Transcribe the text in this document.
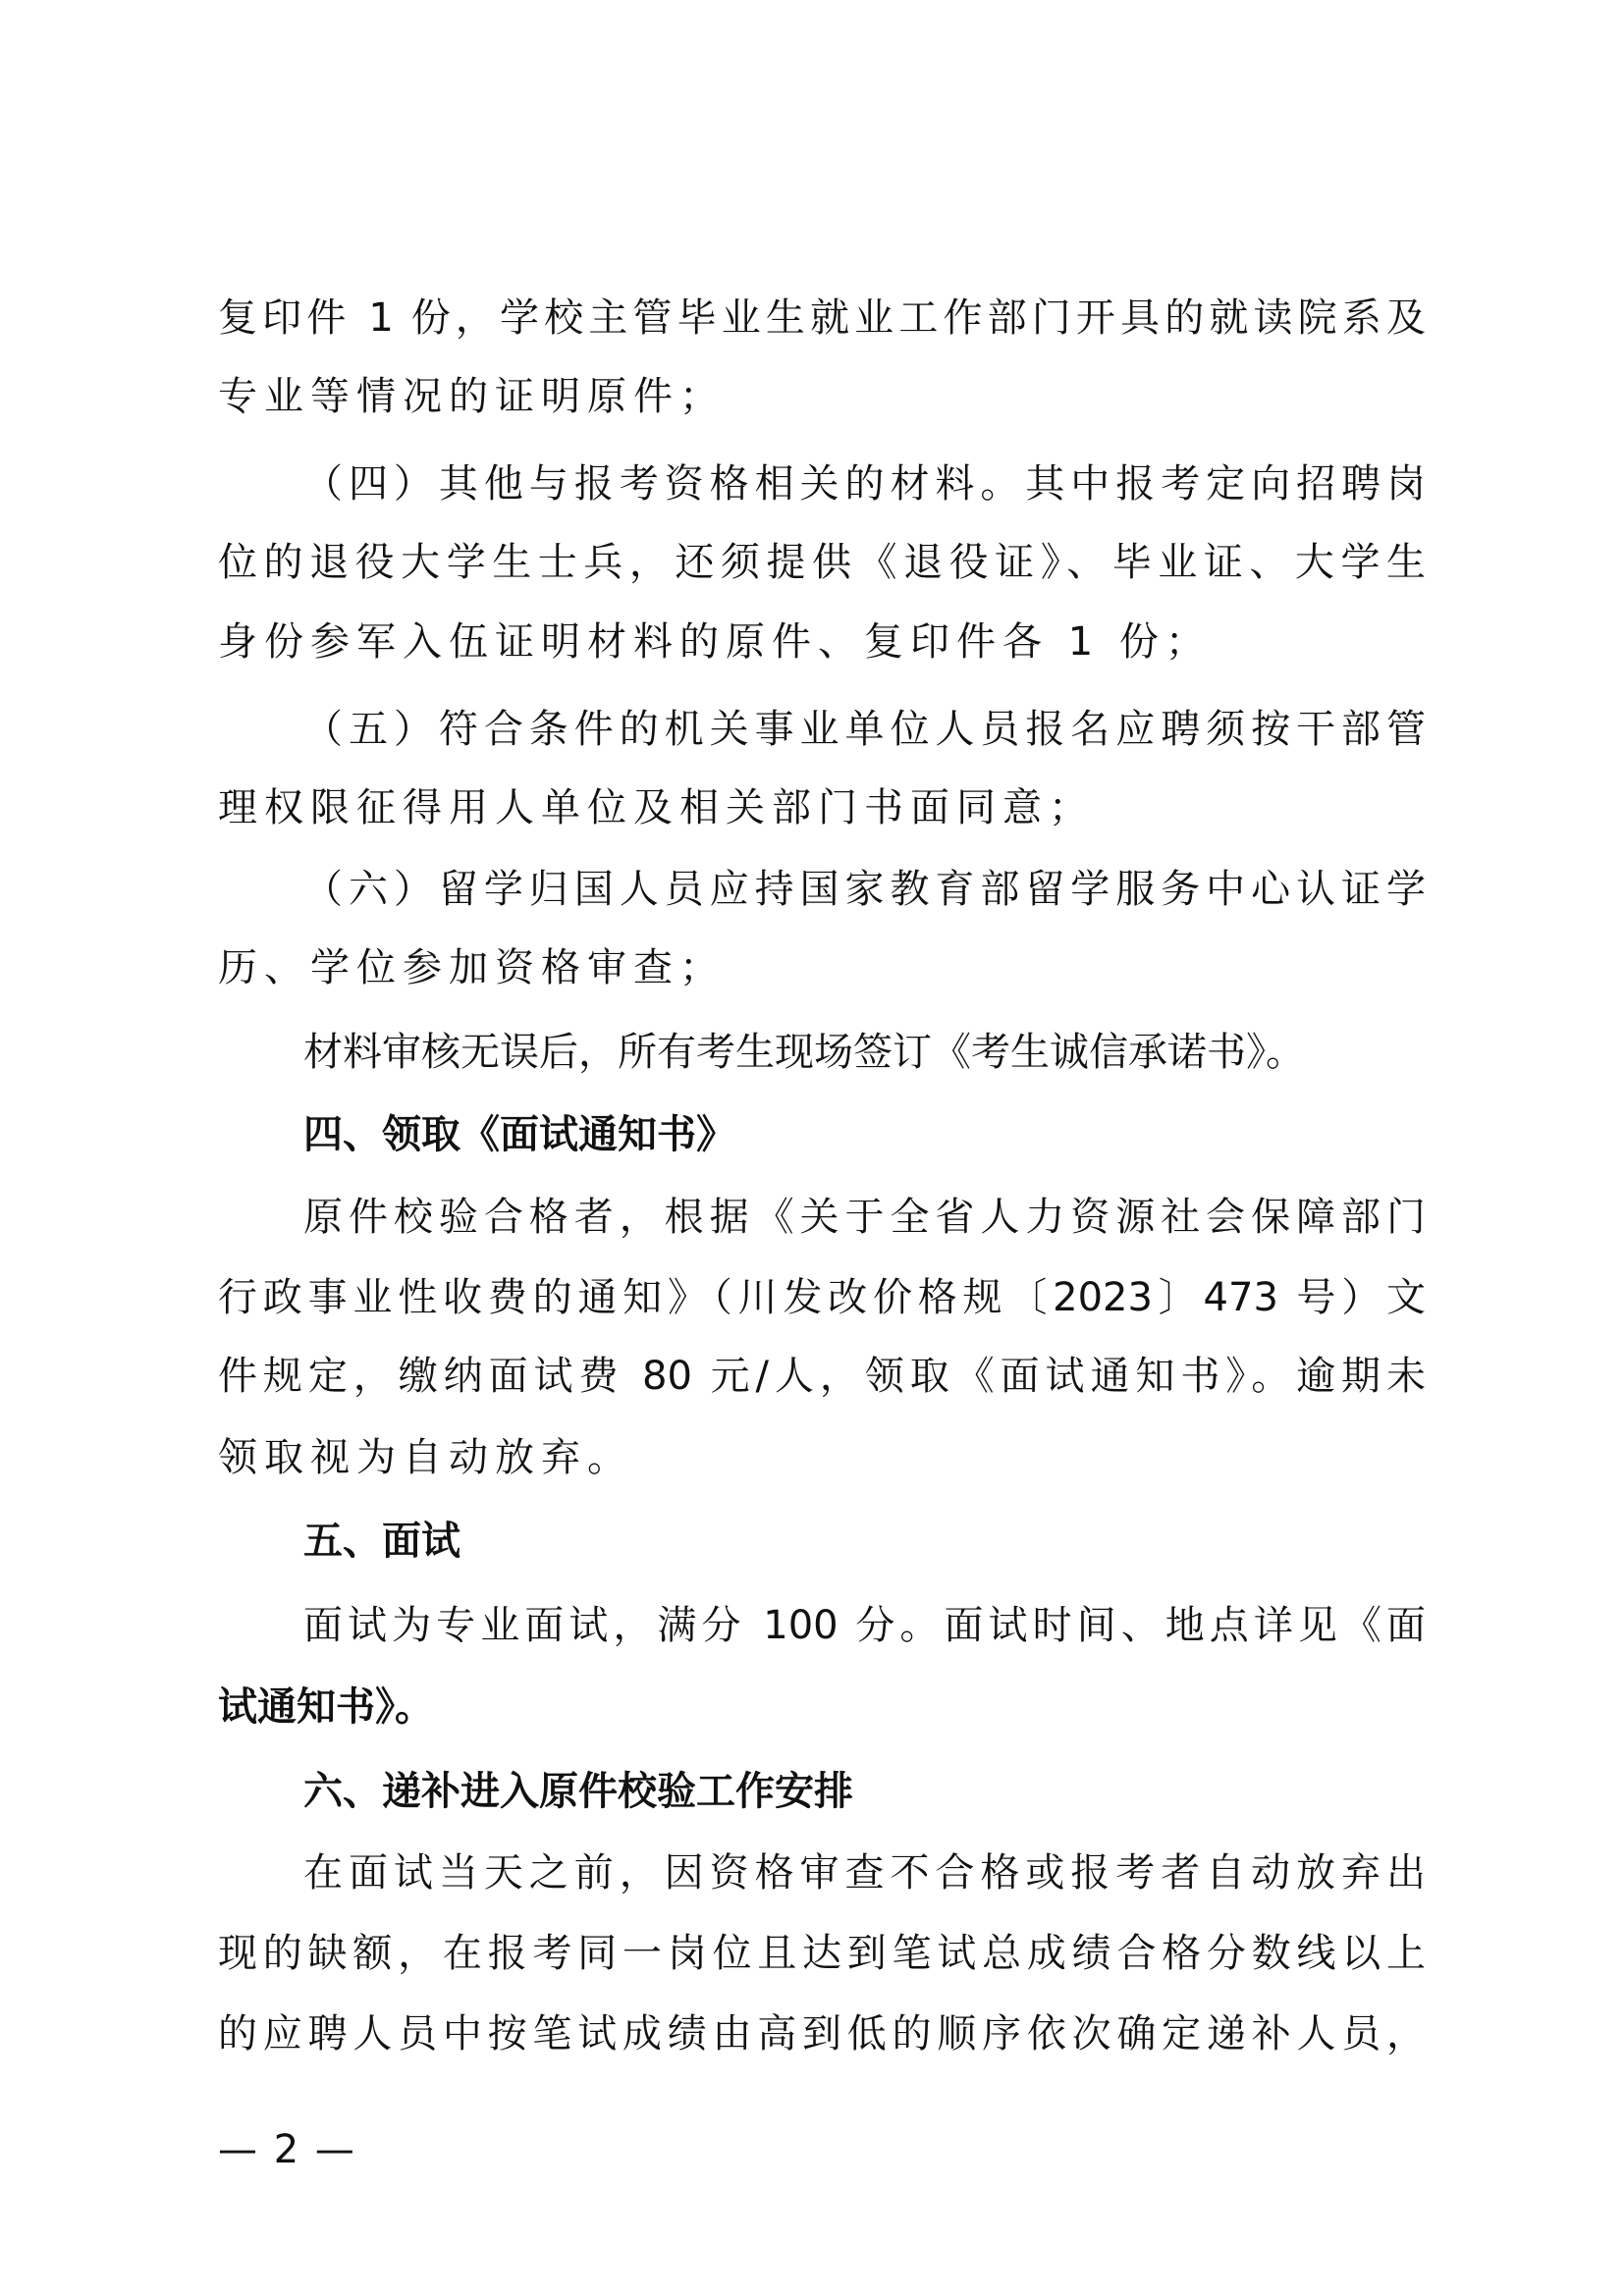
复印件 1 份，学校主管毕业生就业工作部门开具的就读院系及
专业等情况的证明原件；
（四）其他与报考资格相关的材料。其中报考定向招聘岗
位的退役大学生士兵，还须提供《退役证》、毕业证、大学生
身份参军入伍证明材料的原件、复印件各 1 份；
（五）符合条件的机关事业单位人员报名应聘须按干部管
理权限征得用人单位及相关部门书面同意；
（六）留学归国人员应持国家教育部留学服务中心认证学
历、学位参加资格审查；
材料审核无误后，所有考生现场签订《考生诚信承诺书》。
四、领取《面试通知书》
原件校验合格者，根据《关于全省人力资源社会保障部门
行政事业性收费的通知》（川发改价格规〔2023〕473 号）文
件规定，缴纳面试费 80 元/人，领取《面试通知书》。逾期未
领取视为自动放弃。
五、面试
面试为专业面试，满分 100 分。面试时间、地点详见《面
试通知书》。
六、递补进入原件校验工作安排
在面试当天之前，因资格审查不合格或报考者自动放弃出
现的缺额，在报考同一岗位且达到笔试总成绩合格分数线以上
的应聘人员中按笔试成绩由高到低的顺序依次确定递补人员，
— 2 —
